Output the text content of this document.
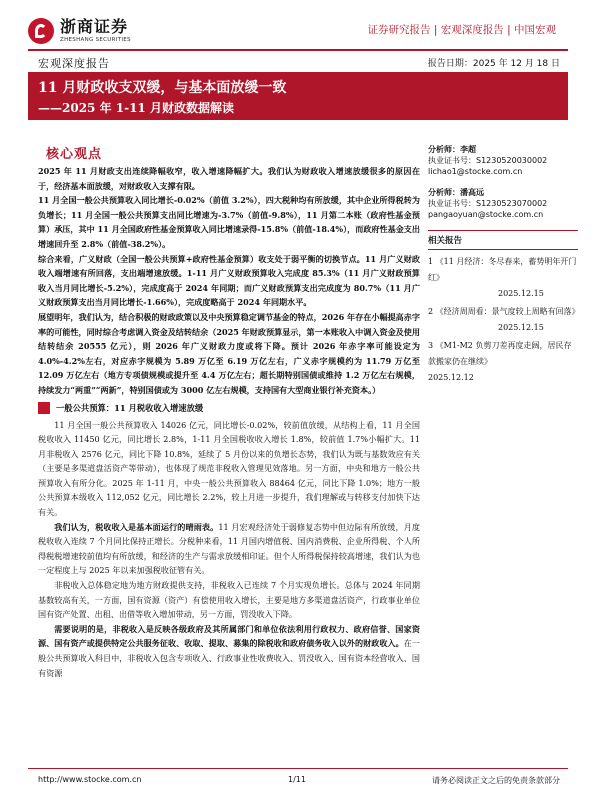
浙商证券
ZHESHANG SECURITIES
证券研究报告 | 宏观深度报告 | 中国宏观
宏观深度报告	报告日期：2025 年 12 月 18 日
11 月财政收支双缓，与基本面放缓一致
——2025 年 1-11 月财政数据解读
核心观点

2025 年 11 月财政支出连续降幅收窄，收入增速降幅扩大。我们认为财政收入增速放缓很多的原因在于，经济基本面放缓，对财政收入支撑有限。

11 月全国一般公共预算收入同比增长-0.02%（前值 3.2%），四大税种均有所放缓，其中企业所得税转为负增长；11 月全国一般公共预算支出同比增速为-3.7%（前值-9.8%），11 月第二本账（政府性基金预算）承压，其中 11 月全国政府性基金预算收入同比增速录得-15.8%（前值-18.4%），而政府性基金支出增速回升至 2.8%（前值-38.2%）。

综合来看，广义财政（全国一般公共预算+政府性基金预算）收支处于弱平衡的切换节点。11 月广义财政收入端增速有所回落，支出端增速放缓。1-11 月广义财政预算收入完成度 85.3%（11 月广义财政预算收入当月同比增长-5.2%），完成度高于 2024 年同期；而广义财政预算支出完成度为 80.7%（11 月广义财政预算支出当月同比增长-1.66%），完成度略高于 2024 年同期水平。

展望明年，我们认为，结合积极的财政政策以及中央预算稳定调节基金的特点，2026 年存在小幅提高赤字率的可能性，同时综合考虑调入资金及结转结余（2025 年财政预算显示，第一本账收入中调入资金及使用结转结余 20555 亿元），则 2026 年广义财政力度或将下降。预计 2026 年赤字率可能设定为 4.0%-4.2%左右，对应赤字规模为 5.89 万亿至 6.19 万亿左右，广义赤字规模约为 11.79 万亿至 12.09 万亿左右（地方专项债规模或提升至 4.4 万亿左右；超长期特别国债或维持 1.2 万亿左右规模，持续发力“两重”“两新”，特别国债或为 3000 亿左右规模，支持国有大型商业银行补充资本。）

一般公共预算：11 月税收收入增速放缓

11 月全国一般公共预算收入 14026 亿元，同比增长-0.02%，较前值放缓，从结构上看，11 月全国税收收入 11450 亿元，同比增长 2.8%，1-11 月全国税收收入增长 1.8%，较前值 1.7%小幅扩大。11 月非税收入 2576 亿元，同比下降 10.8%，延续了 5 月份以来的负增长态势，我们认为既与基数效应有关（主要是多渠道盘活资产等带动），也体现了规范非税收入管理见效落地。另一方面，中央和地方一般公共预算收入有所分化。2025 年 1-11 月，中央一般公共预算收入 88464 亿元，同比下降 1.0%；地方一般公共预算本级收入 112,052 亿元，同比增长 2.2%，较上月进一步提升，我们理解或与转移支付加快下达有关。

我们认为，税收收入是基本面运行的晴雨表。11 月宏观经济处于弱修复态势中但边际有所放缓，月度税收收入连续 7 个月同比保持正增长。分税种来看，11 月国内增值税、国内消费税、企业所得税、个人所得税税增速较前值均有所放缓，和经济的生产与需求放缓相印证。但个人所得税保持较高增速，我们认为也一定程度上与 2025 年以来加强税收征管有关。

非税收入总体稳定地为地方财政提供支持，非税收入已连续 7 个月实现负增长。总体与 2024 年同期基数较高有关，一方面，国有资源（资产）有偿使用收入增长，主要是地方多渠道盘活资产，行政事业单位国有资产处置、出租、出借等收入增加带动，另一方面，罚没收入下降。

需要说明的是，非税收入是反映各级政府及其所属部门和单位依法利用行政权力、政府信誉、国家资源、国有资产或提供特定公共服务征收、收取、提取、募集的除税收和政府债务收入以外的财政收入。在一般公共预算收入科目中，非税收入包含专项收入、行政事业性收费收入、罚没收入、国有资本经营收入、国有资源

分析师：李超
执业证书号：S1230520030002
lichao1@stocke.com.cn
分析师：潘高远
执业证书号：S1230523070002
pangaoyuan@stocke.com.cn
相关报告
1 《11 月经济：冬尽春来，蓄势明年开门红》
2025.12.15
2 《经济周周看：景气度较上周略有回落》
2025.12.15
3 《M1-M2 负剪刀差再度走阔，居民存款搬家仍在继续》
2025.12.12
http://www.stocke.com.cn	1/11	请务必阅读正文之后的免责条款部分
